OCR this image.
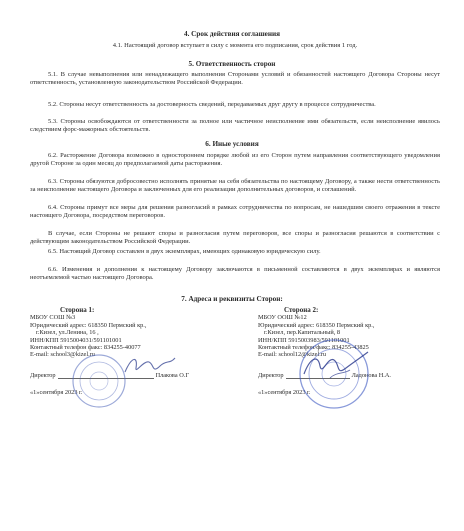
4. Срок действия соглашения
4.1. Настоящий договор вступает в силу с момента его подписания, срок действия 1 год.
5. Ответственность сторон
5.1. В случае невыполнения или ненадлежащего выполнения Сторонами условий и обязанностей настоящего Договора Стороны несут ответственность, установленную законодательством Российской Федерации.
5.2. Стороны несут ответственность за достоверность сведений, передаваемых друг другу в процессе сотрудничества.
5.3. Стороны освобождаются от ответственности за полное или частичное неисполнение ими обязательств, если неисполнение явилось следствием форс-мажорных обстоятельств.
6. Иные условия
6.2. Расторжение Договора возможно в одностороннем порядке любой из его Сторон путем направления соответствующего уведомления другой Стороне за один месяц до предполагаемой даты расторжения.
6.3. Стороны обязуются добросовестно исполнять принятые на себя обязательства по настоящему Договору, а также нести ответственность за неисполнение настоящего Договора и заключенных для его реализации дополнительных договоров, и соглашений.
6.4. Стороны примут все меры для решения разногласий в рамках сотрудничества по вопросам, не нашедшим своего отражения в тексте настоящего Договора, посредством переговоров.
В случае, если Стороны не решают споры и разногласия путем переговоров, все споры и разногласия решаются в соответствии с действующим законодательством Российской Федерации.
6.5. Настоящий Договор составлен в двух экземплярах, имеющих одинаковую юридическую силу.
6.6. Изменения и дополнения к настоящему Договору заключаются в письменной составляются в двух экземплярах и являются неотъемлемой частью настоящего Договора.
7. Адреса и реквизиты Сторон:
Сторона 1:
МБОУ СОШ №3
Юридический адрес: 618350 Пермский кр.,
г.Кизел, ул.Ленина, 16 ,
ИНН/КПП 5915004031/591101001
Контактный телефон факс: 834255-40077
E-mail: school3@kizel.ru
Директор	Плакова О.Г
«1»сентября 2023 г.
Сторона 2:
МБОУ ООШ №12
Юридический адрес: 618350 Пермский кр.,
г.Кизел, пер.Капитальный, 8
ИНН/КПП 5915003983/591101001
Контактный телефон/факс: 834255-43825
E-mail: school12@kizel.ru
Директор	Ладонова Н.А.
«1»сентября 2023 г.
